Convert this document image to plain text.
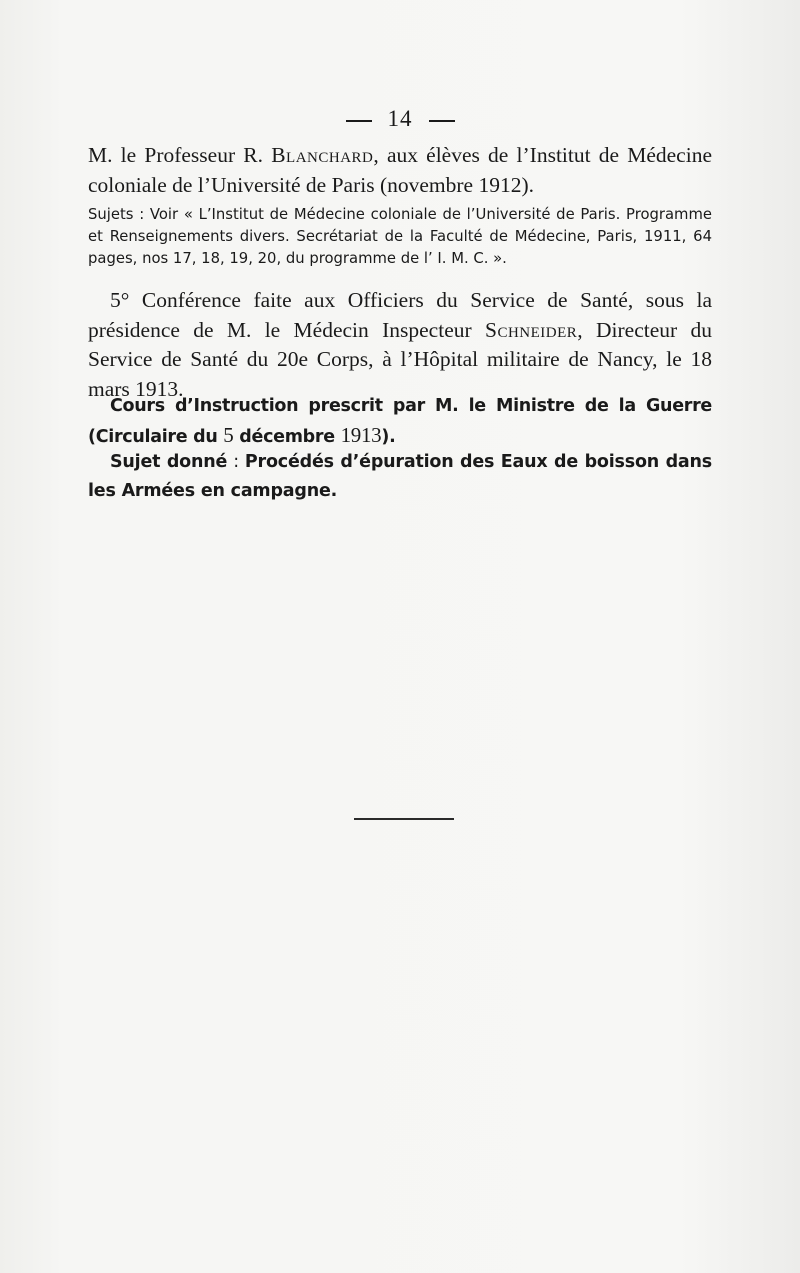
14

M. le Professeur R. Blanchard, aux élèves de l’Institut de Médecine coloniale de l’Université de Paris (novembre 1912).

Sujets : Voir « L’Institut de Médecine coloniale de l’Université de Paris. Programme et Renseignements divers. Secrétariat de la Faculté de Médecine, Paris, 1911, 64 pages, nos 17, 18, 19, 20, du programme de l’ I. M. C. ».

5° Conférence faite aux Officiers du Service de Santé, sous la présidence de M. le Médecin Inspecteur Schneider, Directeur du Service de Santé du 20e Corps, à l’Hôpital militaire de Nancy, le 18 mars 1913.

Cours d’Instruction prescrit par M. le Ministre de la Guerre (Circulaire du 5 décembre 1913).

Sujet donné : Procédés d’épuration des Eaux de boisson dans les Armées en campagne.
